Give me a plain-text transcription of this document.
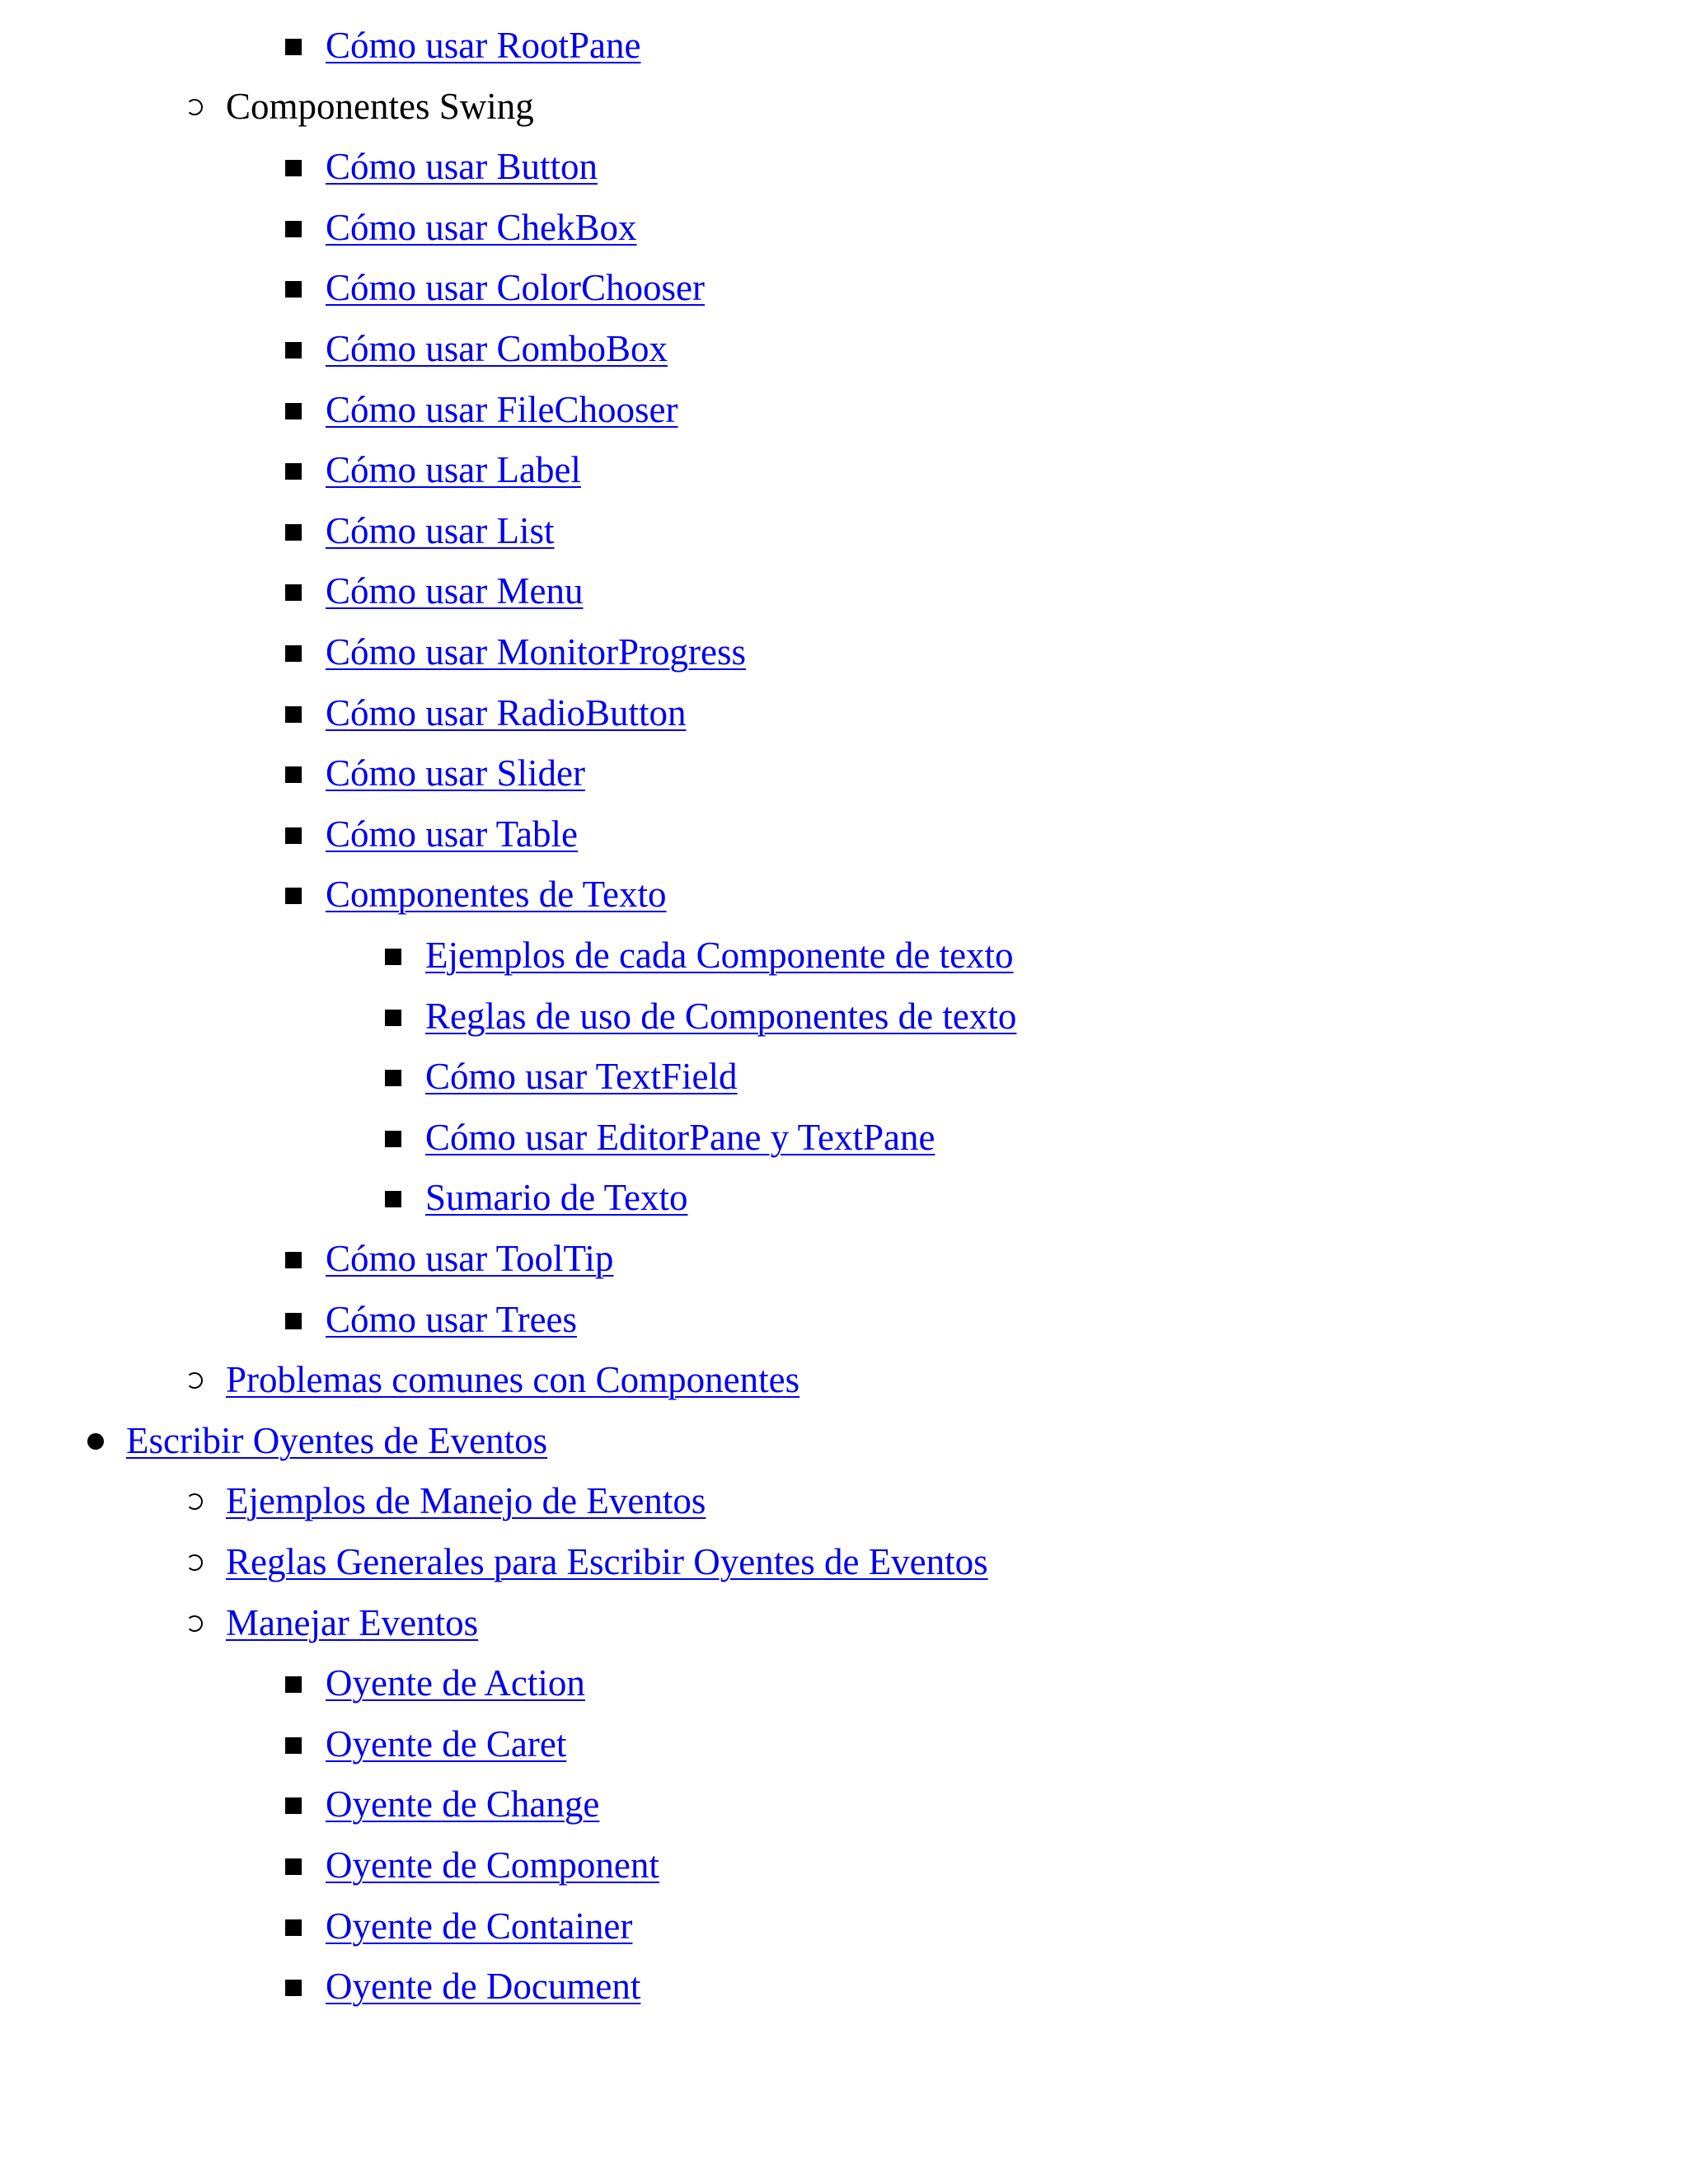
Cómo usar RootPane
Componentes Swing
Cómo usar Button
Cómo usar ChekBox
Cómo usar ColorChooser
Cómo usar ComboBox
Cómo usar FileChooser
Cómo usar Label
Cómo usar List
Cómo usar Menu
Cómo usar MonitorProgress
Cómo usar RadioButton
Cómo usar Slider
Cómo usar Table
Componentes de Texto
Ejemplos de cada Componente de texto
Reglas de uso de Componentes de texto
Cómo usar TextField
Cómo usar EditorPane y TextPane
Sumario de Texto
Cómo usar ToolTip
Cómo usar Trees
Problemas comunes con Componentes
Escribir Oyentes de Eventos
Ejemplos de Manejo de Eventos
Reglas Generales para Escribir Oyentes de Eventos
Manejar Eventos
Oyente de Action
Oyente de Caret
Oyente de Change
Oyente de Component
Oyente de Container
Oyente de Document
